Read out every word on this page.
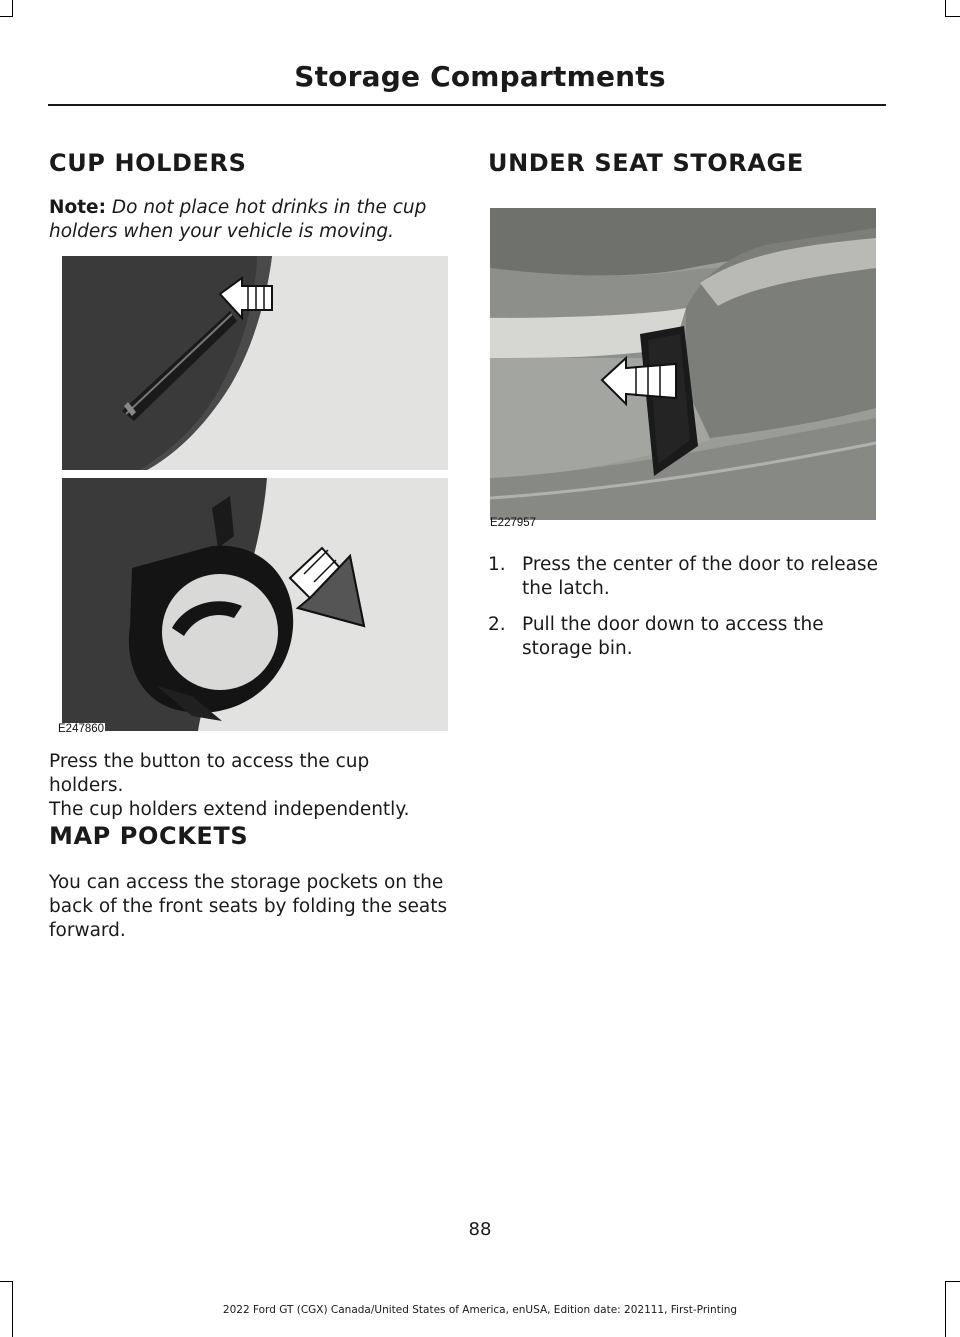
Storage Compartments
CUP HOLDERS

Note: Do not place hot drinks in the cup holders when your vehicle is moving.

E247860

Press the button to access the cup holders.

The cup holders extend independently.

MAP POCKETS

You can access the storage pockets on the back of the front seats by folding the seats forward.

UNDER SEAT STORAGE
E227957
1. Press the center of the door to release the latch.
2. Pull the door down to access the storage bin.
88
2022 Ford GT (CGX) Canada/United States of America, enUSA, Edition date: 202111, First-Printing
